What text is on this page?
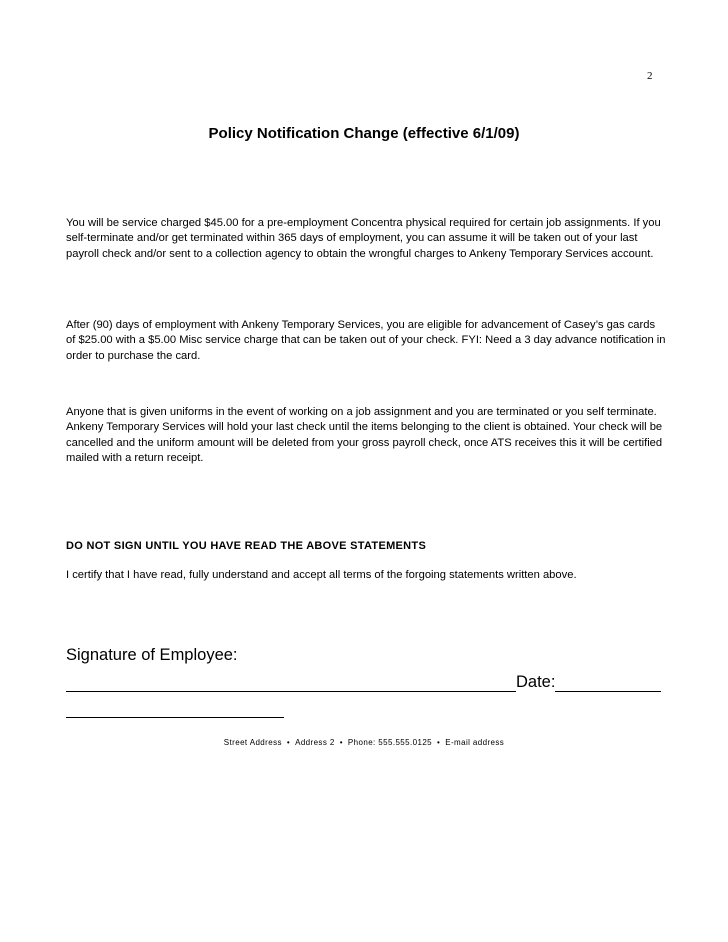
2
Policy Notification Change (effective 6/1/09)

You will be service charged $45.00 for a pre-employment Concentra physical required for certain job assignments. If you self-terminate and/or get terminated within 365 days of employment, you can assume it will be taken out of your last payroll check and/or sent to a collection agency to obtain the wrongful charges to Ankeny Temporary Services account.

After (90) days of employment with Ankeny Temporary Services, you are eligible for advancement of Casey’s gas cards of $25.00 with a $5.00 Misc service charge that can be taken out of your check. FYI: Need a 3 day advance notification in order to purchase the card.

Anyone that is given uniforms in the event of working on a job assignment and you are terminated or you self terminate. Ankeny Temporary Services will hold your last check until the items belonging to the client is obtained. Your check will be cancelled and the uniform amount will be deleted from your gross payroll check, once ATS receives this it will be certified mailed with a return receipt.

DO NOT SIGN UNTIL YOU HAVE READ THE ABOVE STATEMENTS
I certify that I have read, fully understand and accept all terms of the forgoing statements written above.
Signature of Employee:
Date:
Street Address • Address 2 • Phone: 555.555.0125 • E-mail address
